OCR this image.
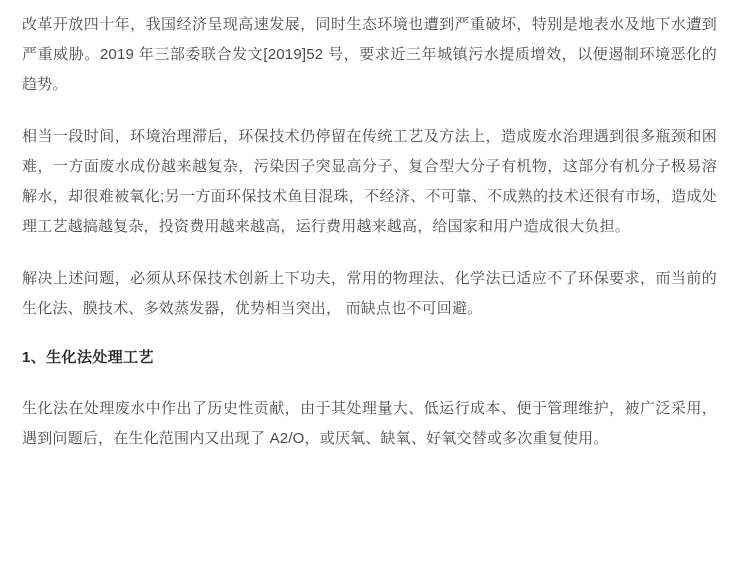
改革开放四十年，我国经济呈现高速发展，同时生态环境也遭到严重破坏，特别是地表水及地下水遭到严重威胁。2019 年三部委联合发文[2019]52 号，要求近三年城镇污水提质增效，以便遏制环境恶化的趋势。

相当一段时间，环境治理滞后，环保技术仍停留在传统工艺及方法上，造成废水治理遇到很多瓶颈和困难，一方面废水成份越来越复杂，污染因子突显高分子、复合型大分子有机物，这部分有机分子极易溶解水，却很难被氧化;另一方面环保技术鱼目混珠，不经济、不可靠、不成熟的技术还很有市场，造成处理工艺越搞越复杂，投资费用越来越高，运行费用越来越高，给国家和用户造成很大负担。

解决上述问题，必须从环保技术创新上下功夫，常用的物理法、化学法已适应不了环保要求，而当前的生化法、膜技术、多效蒸发器，优势相当突出， 而缺点也不可回避。

1、生化法处理工艺

生化法在处理废水中作出了历史性贡献，由于其处理量大、低运行成本、便于管理维护，被广泛采用，遇到问题后，在生化范围内又出现了 A2/O，或厌氧、缺氧、好氧交替或多次重复使用。
